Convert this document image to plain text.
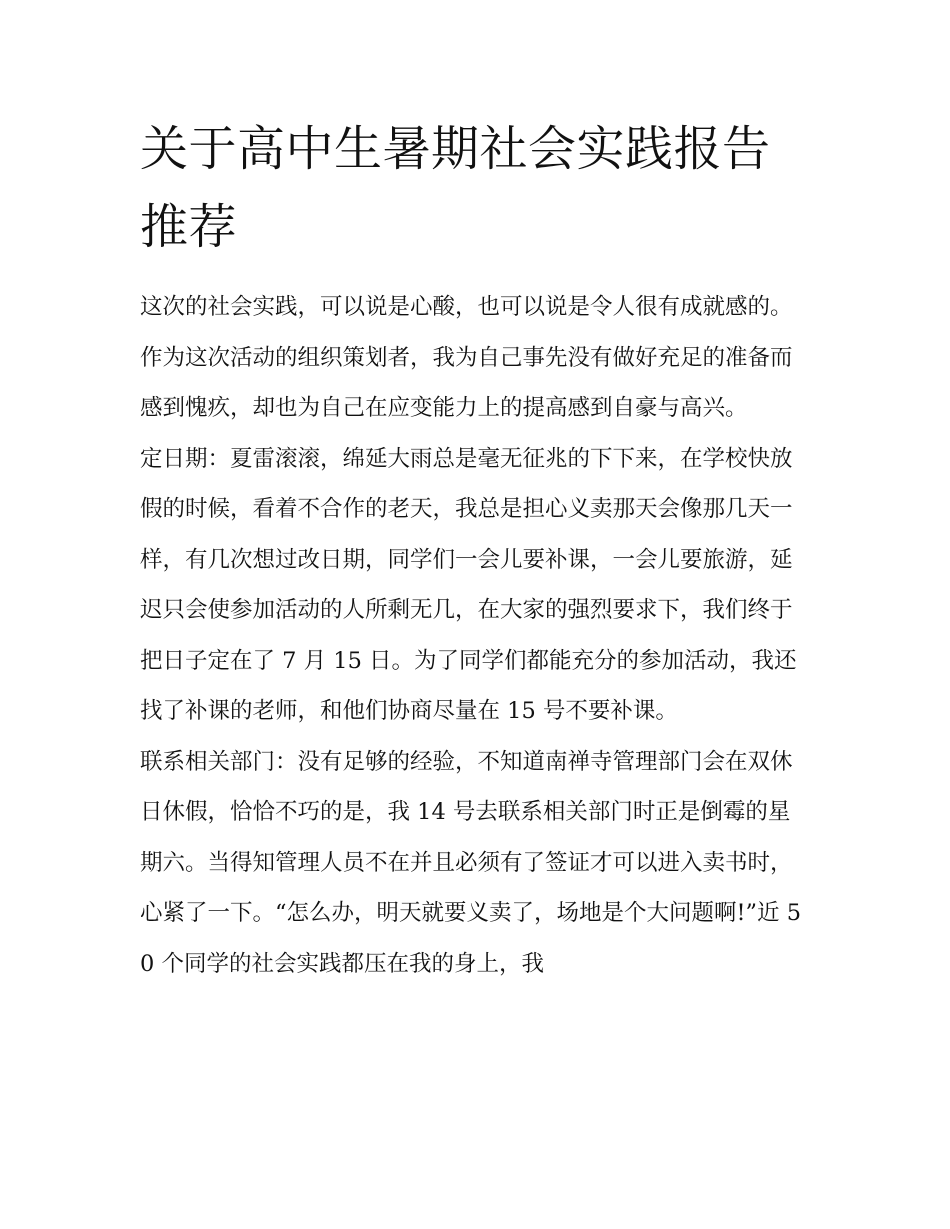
关于高中生暑期社会实践报告推荐

这次的社会实践，可以说是心酸，也可以说是令人很有成就感的。作为这次活动的组织策划者，我为自己事先没有做好充足的准备而感到愧疚，却也为自己在应变能力上的提高感到自豪与高兴。

定日期：夏雷滚滚，绵延大雨总是毫无征兆的下下来，在学校快放假的时候，看着不合作的老天，我总是担心义卖那天会像那几天一样，有几次想过改日期，同学们一会儿要补课，一会儿要旅游，延迟只会使参加活动的人所剩无几，在大家的强烈要求下，我们终于把日子定在了 7 月 15 日。为了同学们都能充分的参加活动，我还找了补课的老师，和他们协商尽量在 15 号不要补课。

联系相关部门：没有足够的经验，不知道南禅寺管理部门会在双休日休假，恰恰不巧的是，我 14 号去联系相关部门时正是倒霉的星期六。当得知管理人员不在并且必须有了签证才可以进入卖书时，心紧了一下。“怎么办，明天就要义卖了，场地是个大问题啊!”近 50 个同学的社会实践都压在我的身上，我
